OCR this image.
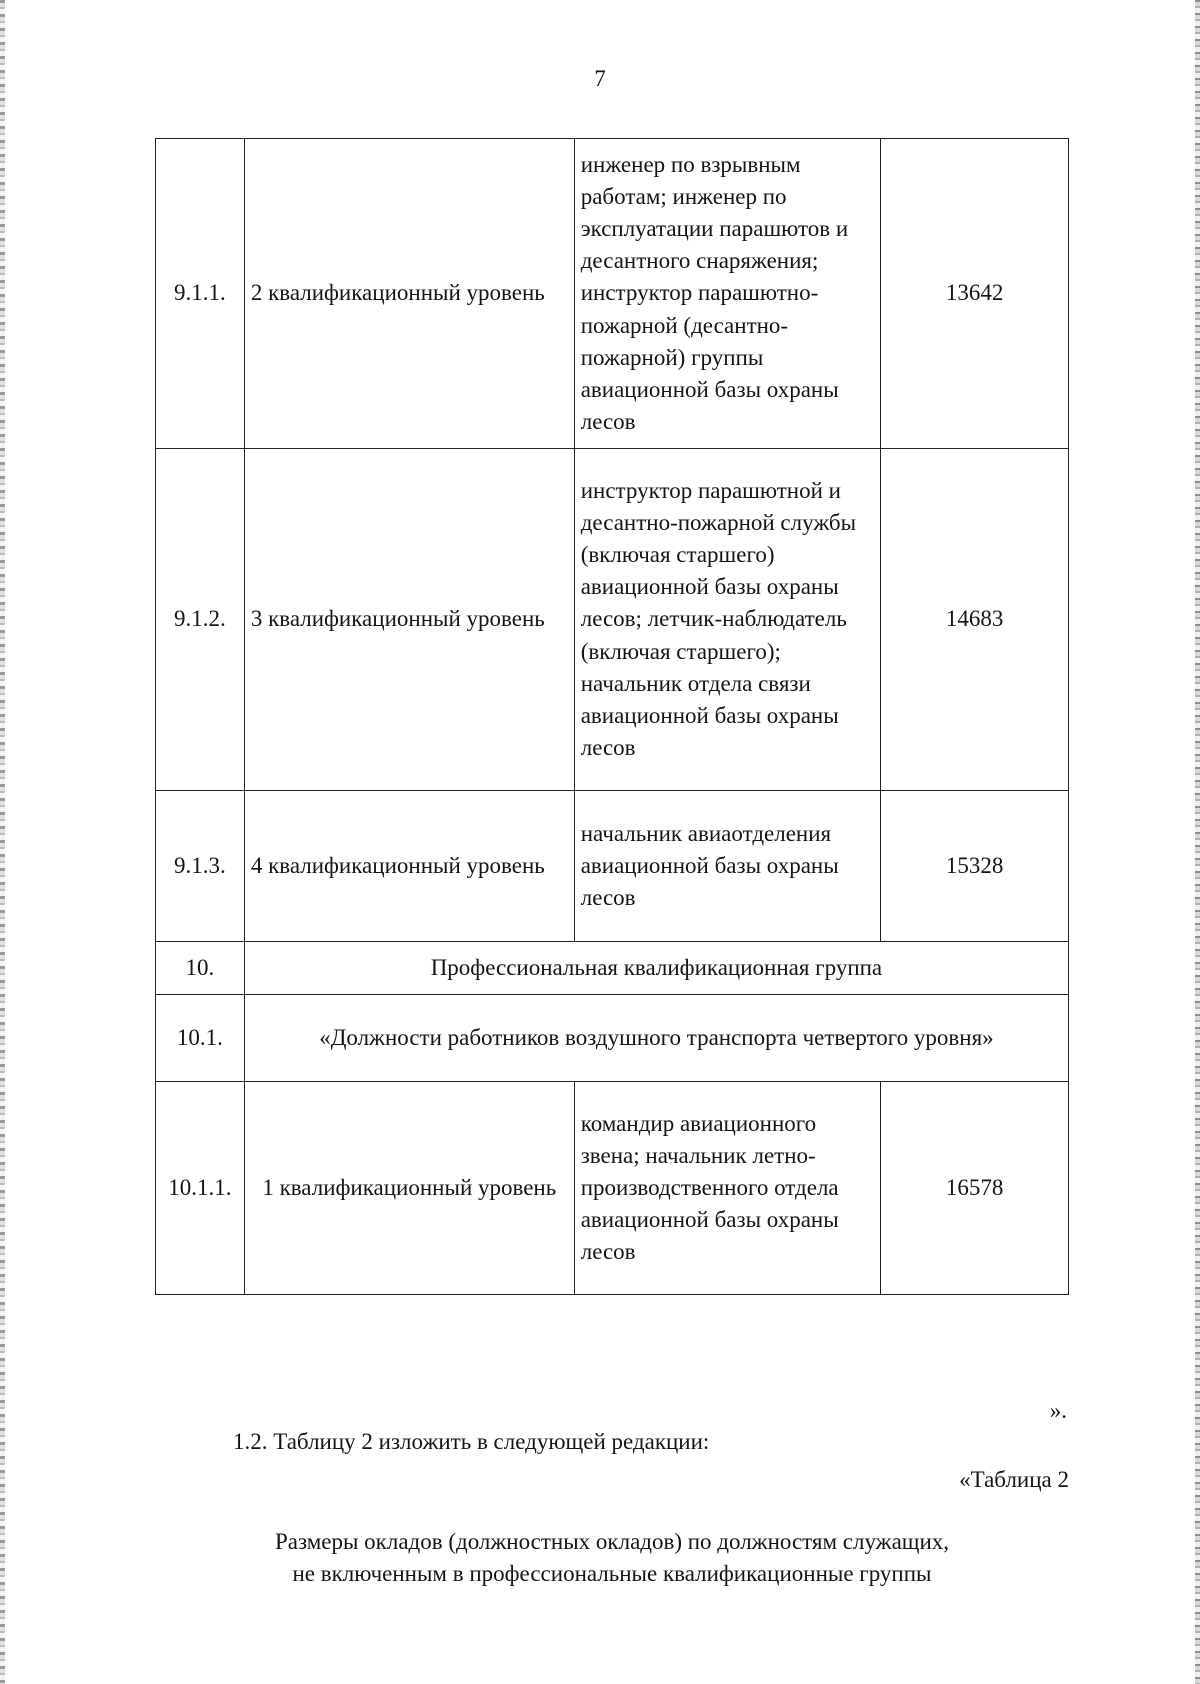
7
9.1.1.	2 квалификационный уровень	инженер по взрывным работам; инженер по эксплуатации парашютов и десантного снаряжения; инструктор парашютно-пожарной (десантно-пожарной) группы авиационной базы охраны лесов	13642
9.1.2.	3 квалификационный уровень	инструктор парашютной и десантно-пожарной службы (включая старшего) авиационной базы охраны лесов; летчик-наблюдатель (включая старшего); начальник отдела связи авиационной базы охраны лесов	14683
9.1.3.	4 квалификационный уровень	начальник авиаотделения авиационной базы охраны лесов	15328
10.	Профессиональная квалификационная группа		
10.1.	«Должности работников воздушного транспорта четвертого уровня»		
10.1.1.	1 квалификационный уровень	командир авиационного звена; начальник летно-производственного отдела авиационной базы охраны лесов	16578
».
1.2. Таблицу 2 изложить в следующей редакции:
«Таблица 2
Размеры окладов (должностных окладов) по должностям служащих,
не включенным в профессиональные квалификационные группы
